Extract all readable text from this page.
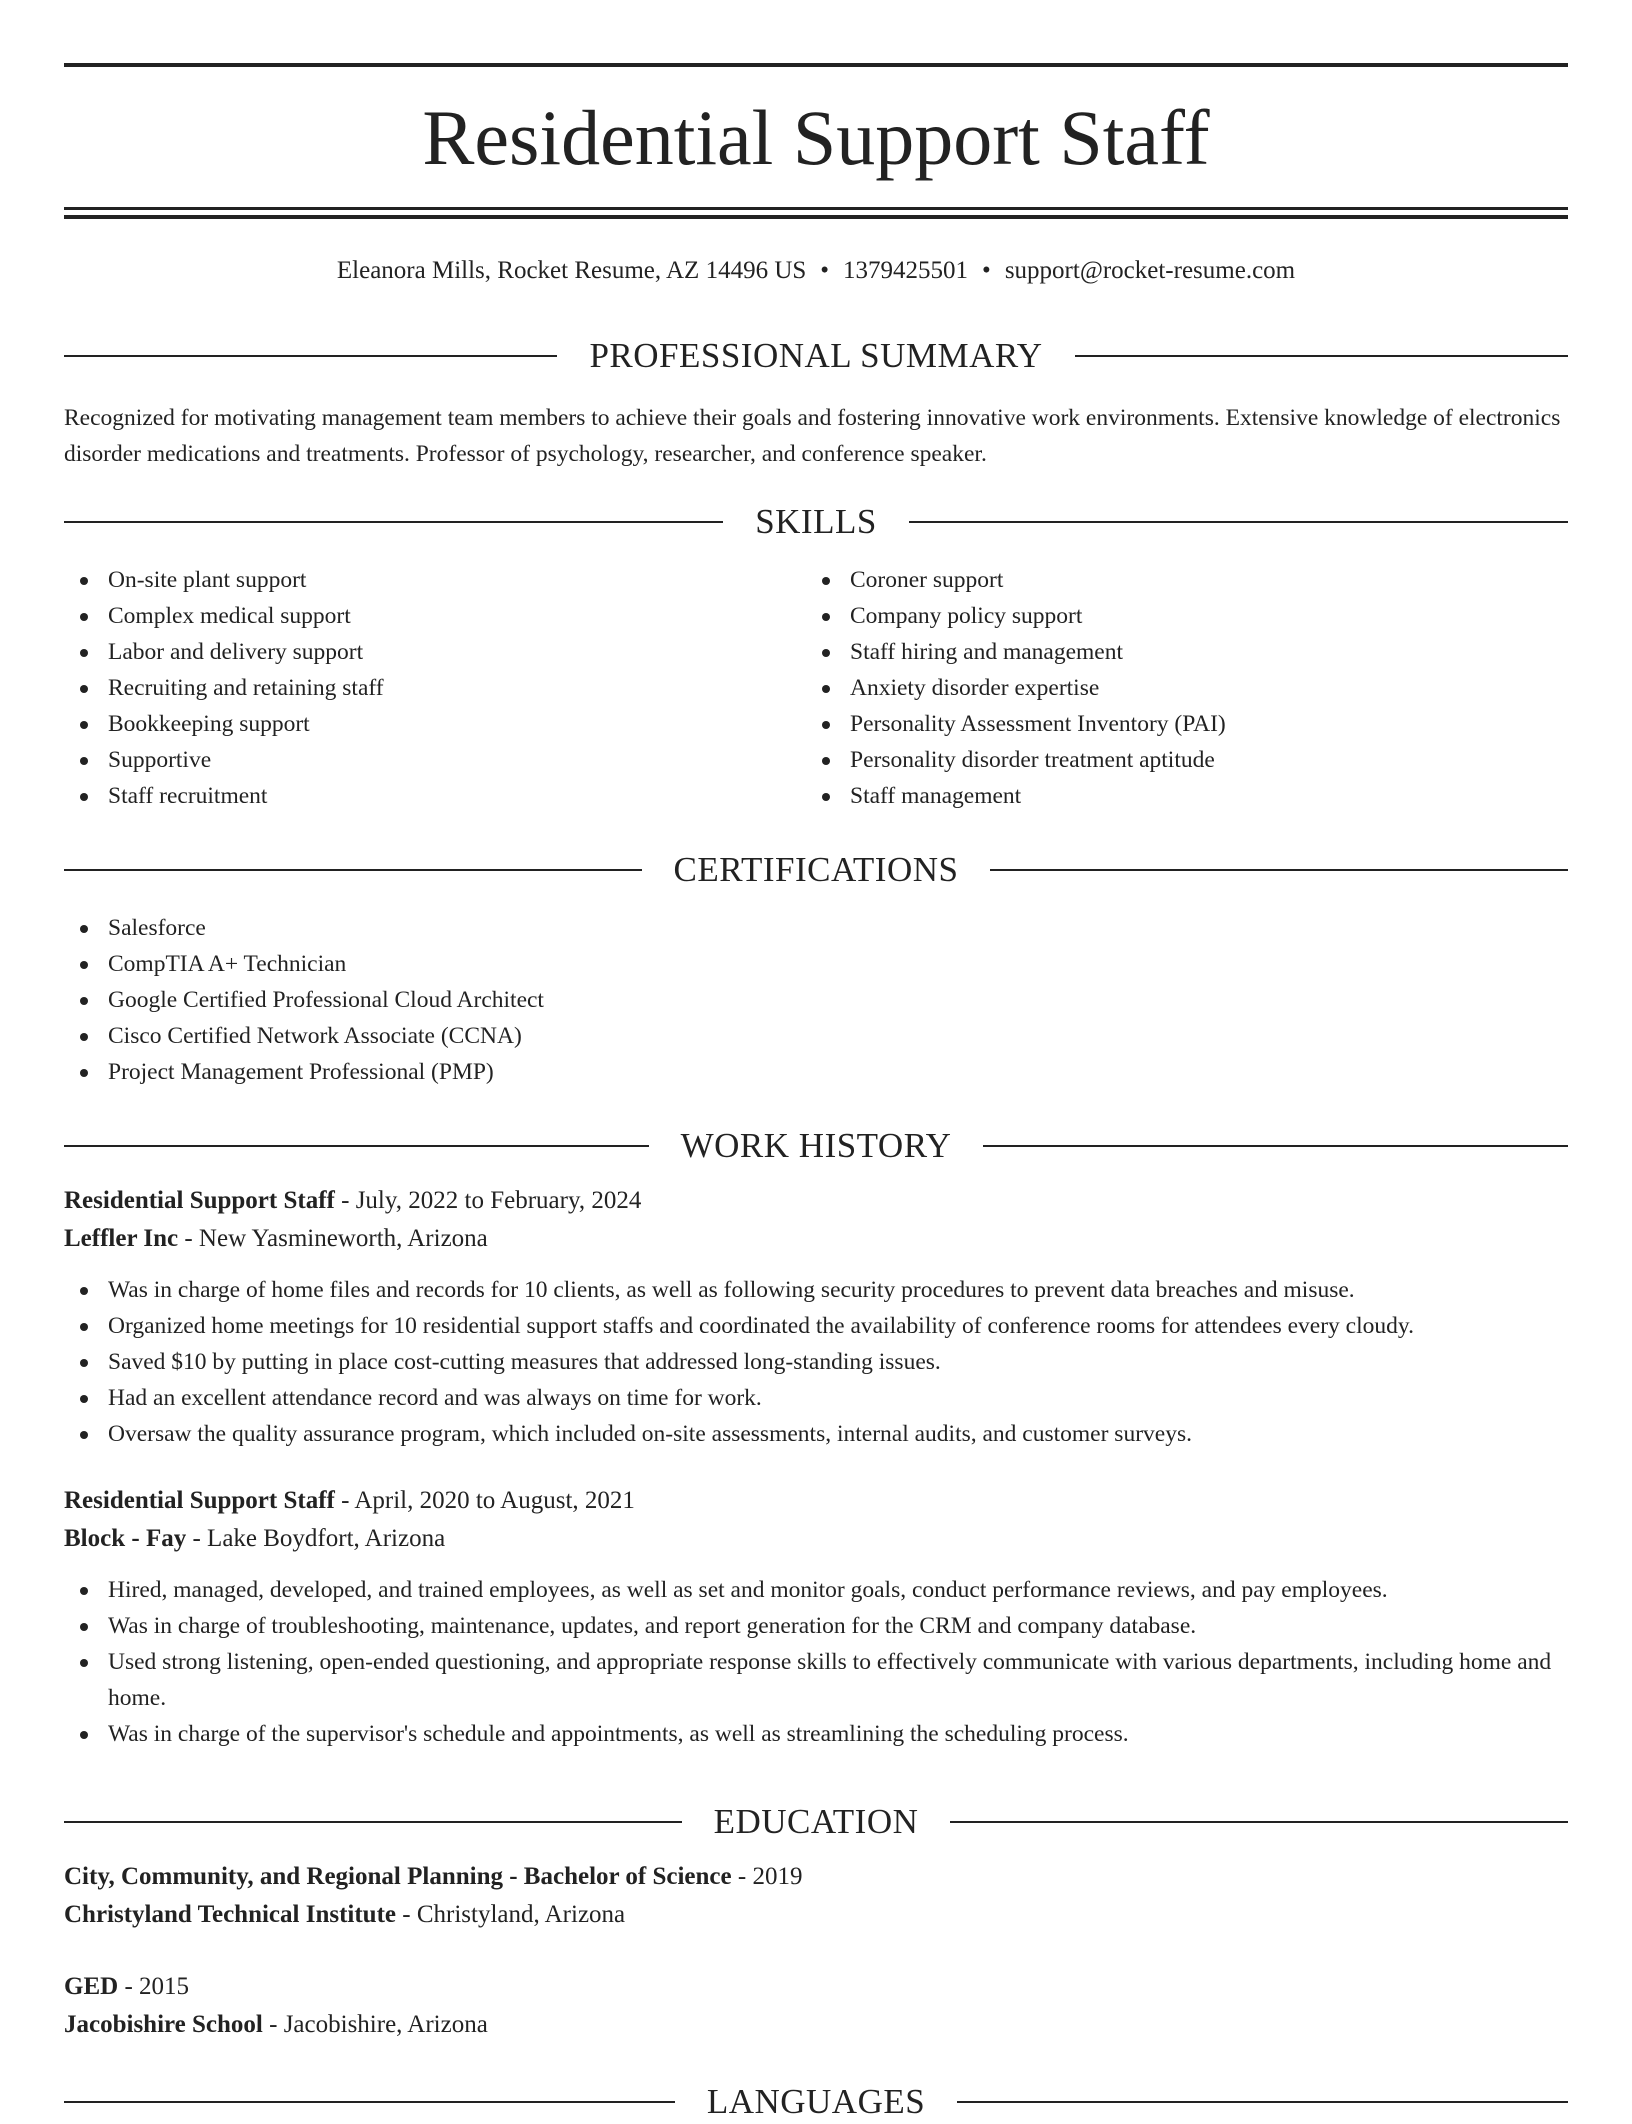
Residential Support Staff
Eleanora Mills, Rocket Resume, AZ 14496 US • 1379425501 • support@rocket-resume.com
PROFESSIONAL SUMMARY

Recognized for motivating management team members to achieve their goals and fostering innovative work environments. Extensive knowledge of electronics disorder medications and treatments. Professor of psychology, researcher, and conference speaker.

SKILLS
On-site plant support
Complex medical support
Labor and delivery support
Recruiting and retaining staff
Bookkeeping support
Supportive
Staff recruitment
Coroner support
Company policy support
Staff hiring and management
Anxiety disorder expertise
Personality Assessment Inventory (PAI)
Personality disorder treatment aptitude
Staff management
CERTIFICATIONS
Salesforce
CompTIA A+ Technician
Google Certified Professional Cloud Architect
Cisco Certified Network Associate (CCNA)
Project Management Professional (PMP)
WORK HISTORY
Residential Support Staff - July, 2022 to February, 2024
Leffler Inc - New Yasmineworth, Arizona
Was in charge of home files and records for 10 clients, as well as following security procedures to prevent data breaches and misuse.
Organized home meetings for 10 residential support staffs and coordinated the availability of conference rooms for attendees every cloudy.
Saved $10 by putting in place cost-cutting measures that addressed long-standing issues.
Had an excellent attendance record and was always on time for work.
Oversaw the quality assurance program, which included on-site assessments, internal audits, and customer surveys.
Residential Support Staff - April, 2020 to August, 2021
Block - Fay - Lake Boydfort, Arizona
Hired, managed, developed, and trained employees, as well as set and monitor goals, conduct performance reviews, and pay employees.
Was in charge of troubleshooting, maintenance, updates, and report generation for the CRM and company database.
Used strong listening, open-ended questioning, and appropriate response skills to effectively communicate with various departments, including home and home.
Was in charge of the supervisor's schedule and appointments, as well as streamlining the scheduling process.
EDUCATION
City, Community, and Regional Planning - Bachelor of Science - 2019
Christyland Technical Institute - Christyland, Arizona
GED - 2015
Jacobishire School - Jacobishire, Arizona
LANGUAGES
